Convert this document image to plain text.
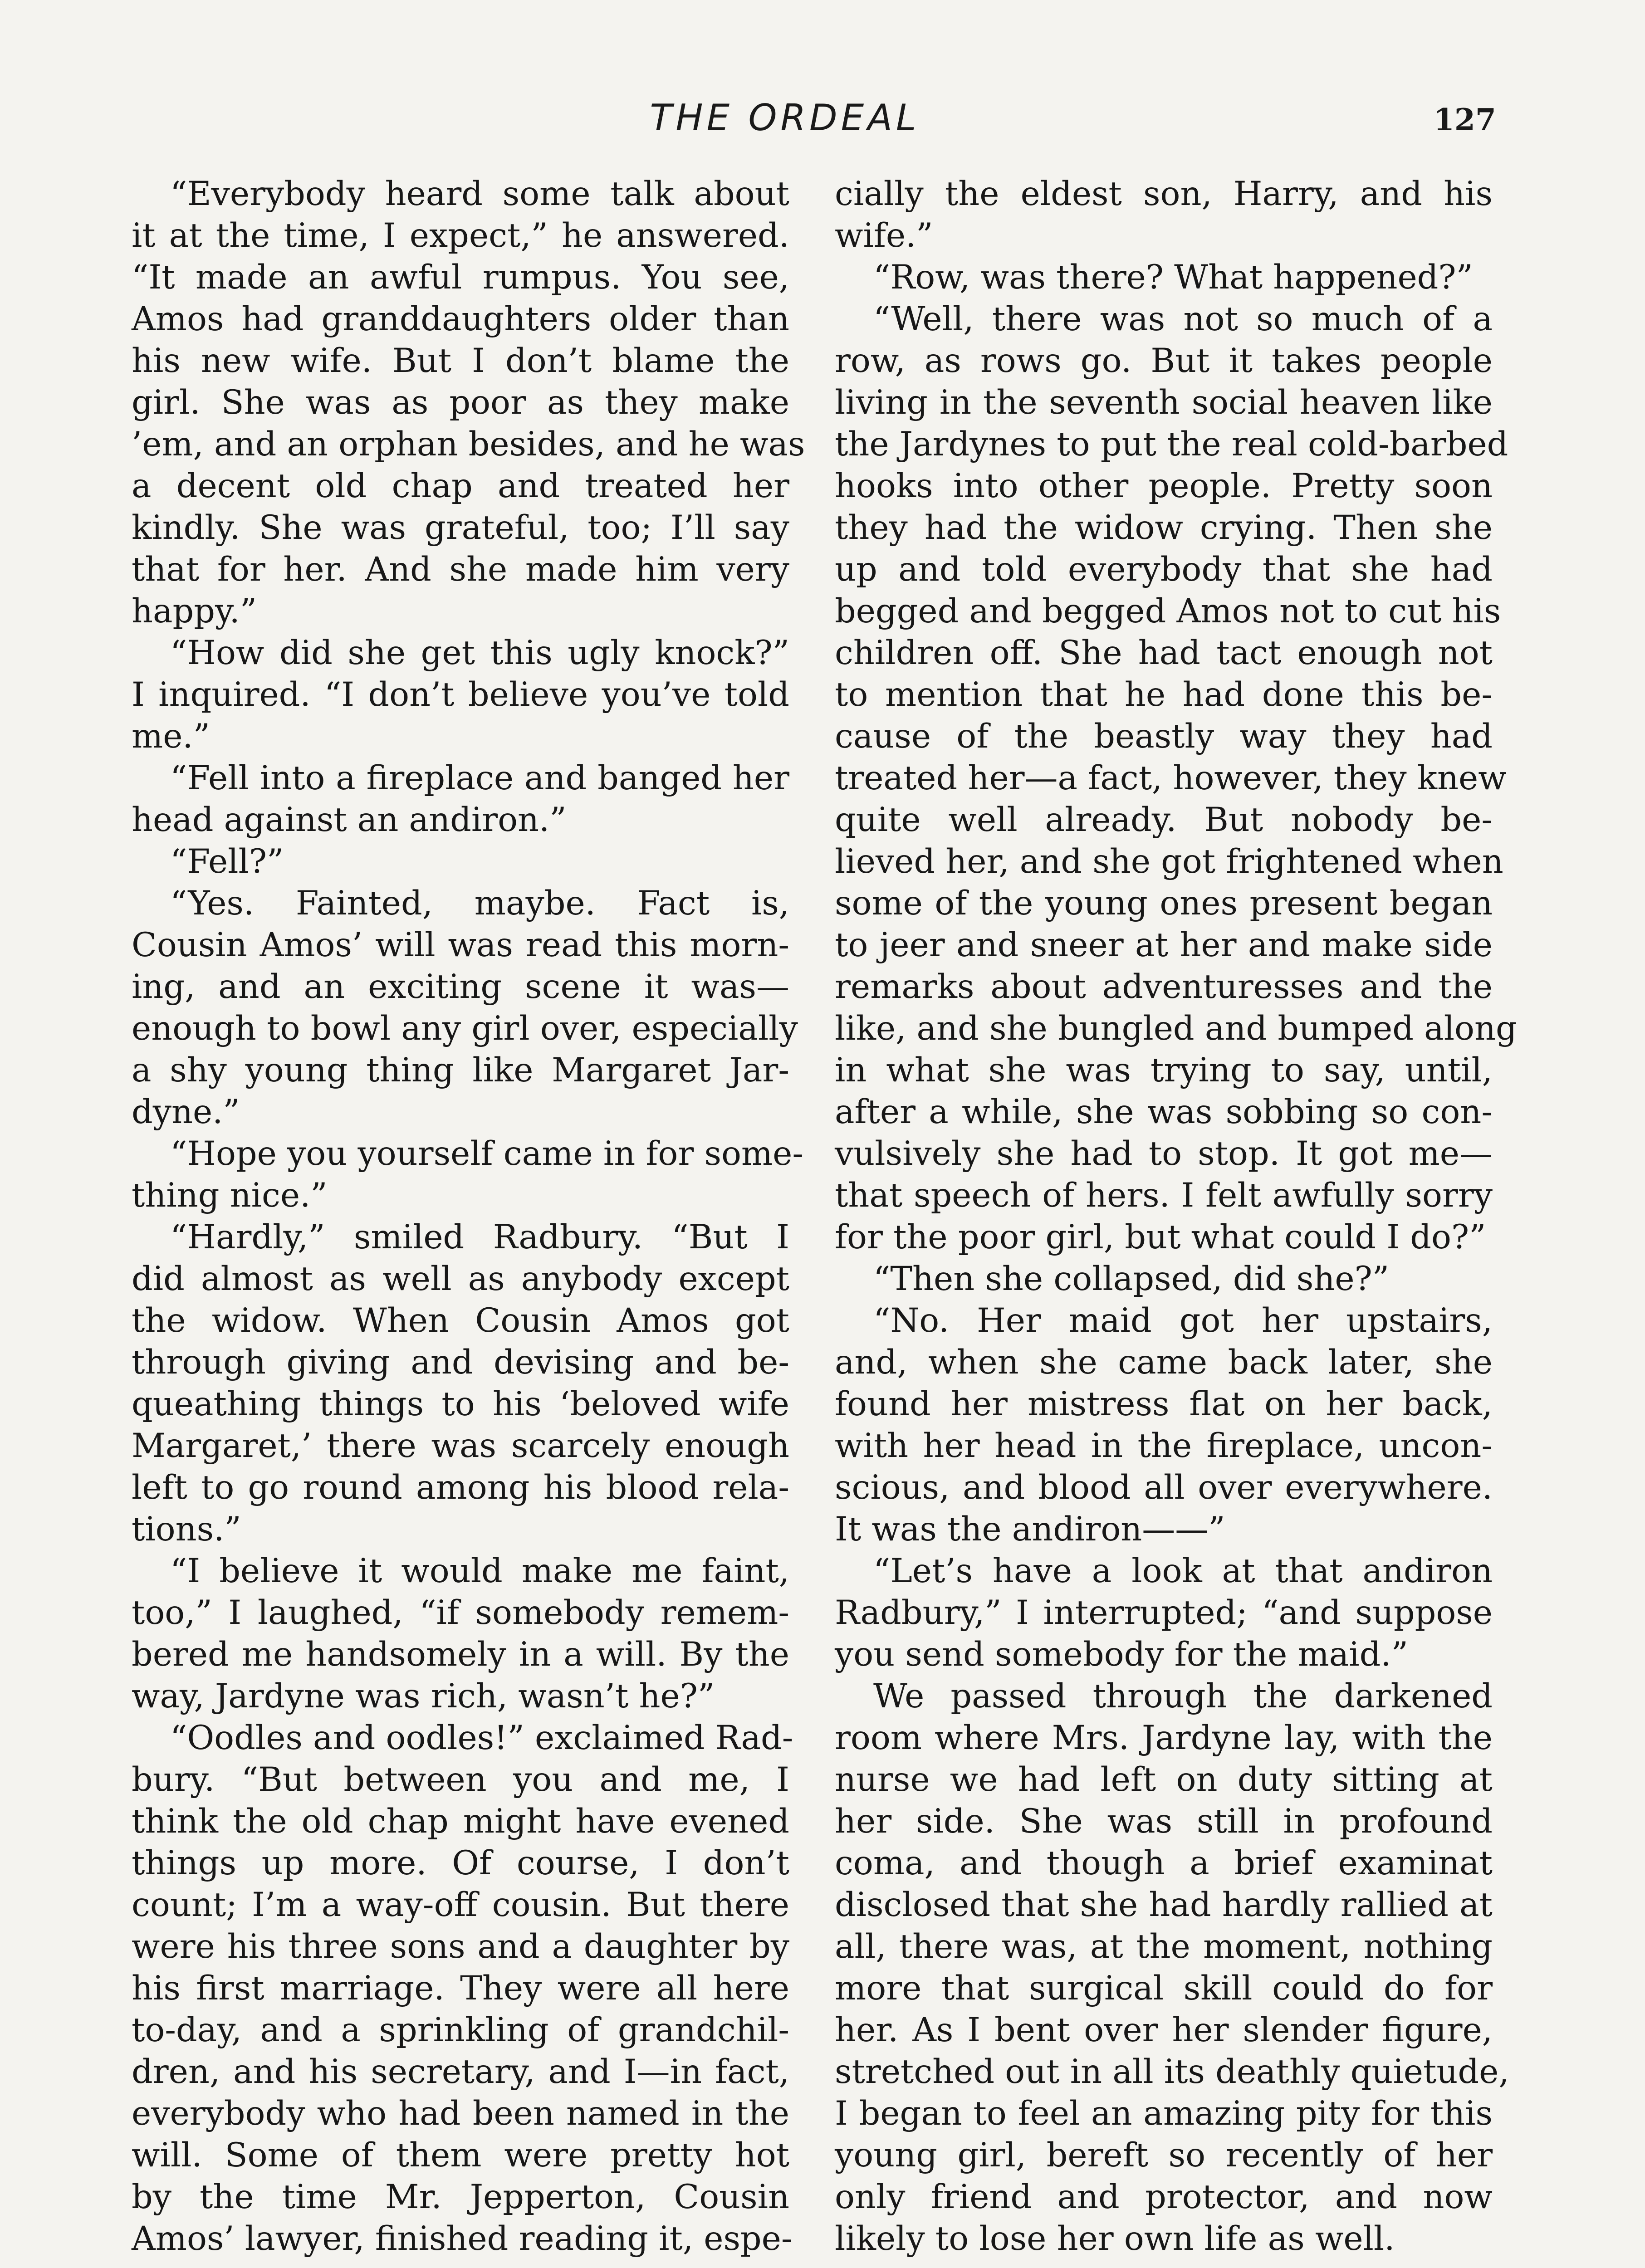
THE ORDEAL	127
“Everybody heard some talk about
it at the time, I expect,” he answered.
“It made an awful rumpus. You see,
Amos had granddaughters older than
his new wife. But I don’t blame the
girl. She was as poor as they make
’em, and an orphan besides, and he was
a decent old chap and treated her
kindly. She was grateful, too; I’ll say
that for her. And she made him very
happy.”
“How did she get this ugly knock?”
I inquired. “I don’t believe you’ve told
me.”
“Fell into a fireplace and banged her
head against an andiron.”
“Fell?”
“Yes. Fainted, maybe. Fact is,
Cousin Amos’ will was read this morn-
ing, and an exciting scene it was—
enough to bowl any girl over, especially
a shy young thing like Margaret Jar-
dyne.”
“Hope you yourself came in for some-
thing nice.”
“Hardly,” smiled Radbury. “But I
did almost as well as anybody except
the widow. When Cousin Amos got
through giving and devising and be-
queathing things to his ‘beloved wife
Margaret,’ there was scarcely enough
left to go round among his blood rela-
tions.”
“I believe it would make me faint,
too,” I laughed, “if somebody remem-
bered me handsomely in a will. By the
way, Jardyne was rich, wasn’t he?”
“Oodles and oodles!” exclaimed Rad-
bury. “But between you and me, I
think the old chap might have evened
things up more. Of course, I don’t
count; I’m a way-off cousin. But there
were his three sons and a daughter by
his first marriage. They were all here
to-day, and a sprinkling of grandchil-
dren, and his secretary, and I—in fact,
everybody who had been named in the
will. Some of them were pretty hot
by the time Mr. Jepperton, Cousin
Amos’ lawyer, finished reading it, espe-
cially the eldest son, Harry, and his
wife.”
“Row, was there? What happened?”
“Well, there was not so much of a
row, as rows go. But it takes people
living in the seventh social heaven like
the Jardynes to put the real cold-barbed
hooks into other people. Pretty soon
they had the widow crying. Then she
up and told everybody that she had
begged and begged Amos not to cut his
children off. She had tact enough not
to mention that he had done this be-
cause of the beastly way they had
treated her—a fact, however, they knew
quite well already. But nobody be-
lieved her, and she got frightened when
some of the young ones present began
to jeer and sneer at her and make side
remarks about adventuresses and the
like, and she bungled and bumped along
in what she was trying to say, until,
after a while, she was sobbing so con-
vulsively she had to stop. It got me—
that speech of hers. I felt awfully sorry
for the poor girl, but what could I do?”
“Then she collapsed, did she?”
“No. Her maid got her upstairs,
and, when she came back later, she
found her mistress flat on her back,
with her head in the fireplace, uncon-
scious, and blood all over everywhere.
It was the andiron——”
“Let’s have a look at that andiron
Radbury,” I interrupted; “and suppose
you send somebody for the maid.”
We passed through the darkened
room where Mrs. Jardyne lay, with the
nurse we had left on duty sitting at
her side. She was still in profound
coma, and though a brief examinat
disclosed that she had hardly rallied at
all, there was, at the moment, nothing
more that surgical skill could do for
her. As I bent over her slender figure,
stretched out in all its deathly quietude,
I began to feel an amazing pity for this
young girl, bereft so recently of her
only friend and protector, and now
likely to lose her own life as well.
